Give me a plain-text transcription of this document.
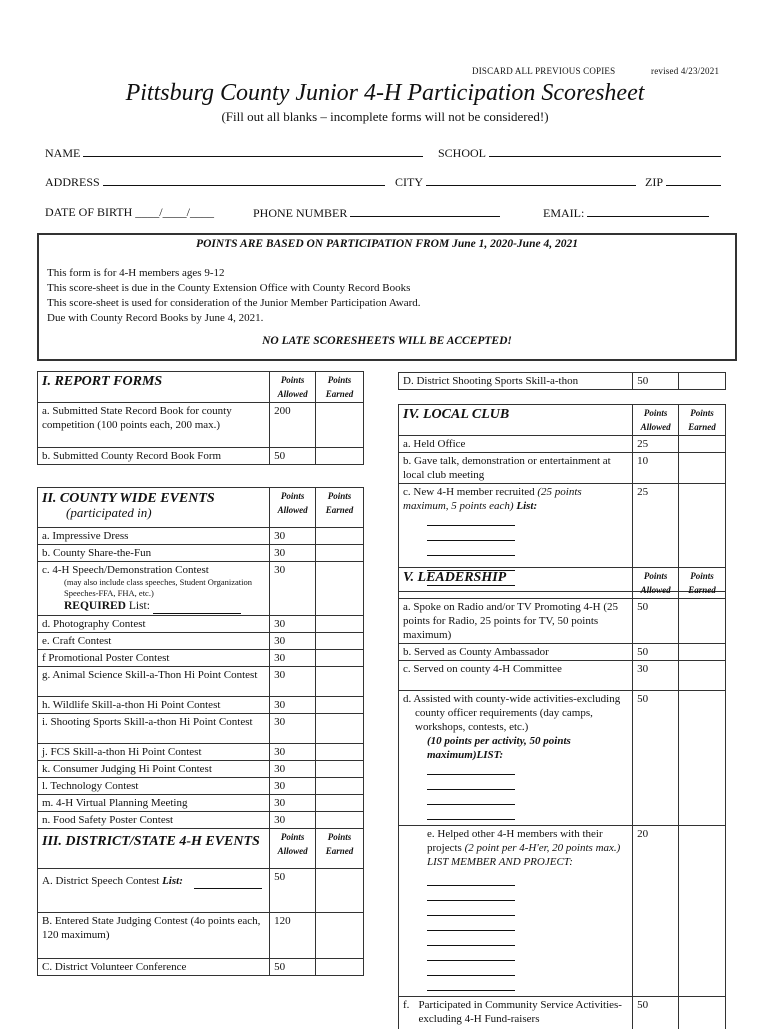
DISCARD ALL PREVIOUS COPIES	revised 4/23/2021
Pittsburg County Junior 4-H Participation Scoresheet
(Fill out all blanks – incomplete forms will not be considered!)
NAME	SCHOOL
ADDRESS	CITY	ZIP
DATE OF BIRTH ____/____/____	PHONE NUMBER	EMAIL:
POINTS ARE BASED ON PARTICIPATION FROM June 1, 2020-June 4, 2021
This form is for 4-H members ages 9-12
This score-sheet is due in the County Extension Office with County Record Books
This score-sheet is used for consideration of the Junior Member Participation Award.
Due with County Record Books by June 4, 2021.
NO LATE SCORESHEETS WILL BE ACCEPTED!
I. REPORT FORMS	Points Allowed	Points Earned
a. Submitted State Record Book for county competition (100 points each, 200 max.)	200	
b. Submitted County Record Book Form	50	
II. COUNTY WIDE EVENTS
(participated in)	Points Allowed	Points Earned
a. Impressive Dress	30	
b. County Share-the-Fun	30	

c. 4-H Speech/Demonstration Contest
(may also include class speeches, Student Organization Speeches-FFA, FHA, etc.)
REQUIRED List:	30	
d. Photography Contest	30	
e. Craft Contest	30	
f Promotional Poster Contest	30	
g. Animal Science Skill-a-Thon Hi Point Contest	30	
h. Wildlife Skill-a-thon Hi Point Contest	30	
i. Shooting Sports Skill-a-thon Hi Point Contest	30	
j. FCS Skill-a-thon Hi Point Contest	30	
k. Consumer Judging Hi Point Contest	30	
l. Technology Contest	30	
m. 4-H Virtual Planning Meeting	30	
n. Food Safety Poster Contest	30	
III. DISTRICT/STATE 4-H EVENTS	Points Allowed	Points Earned
A. District Speech Contest List:	50	
B. Entered State Judging Contest (4o points each, 120 maximum)	120	
C. District Volunteer Conference	50	
D. District Shooting Sports Skill-a-thon	50	
IV. LOCAL CLUB	Points Allowed	Points Earned
a. Held Office	25	
b. Gave talk, demonstration or entertainment at local club meeting	10	
c. New 4-H member recruited (25 points maximum, 5 points each) List:	25	
V. LEADERSHIP	Points Allowed	Points Earned
a. Spoke on Radio and/or TV Promoting 4-H (25 points for Radio, 25 points for TV, 50 points maximum)	50	
b. Served as County Ambassador	50	
c. Served on county 4-H Committee	30	

d. Assisted with county-wide activities-excluding county officer requirements (day camps, workshops, contests, etc.)
(10 points per activity, 50 points maximum)LIST:	50	

e. Helped other 4-H members with their projects (2 point per 4-H'er, 20 points max.) LIST MEMBER AND PROJECT:	20	

f. Participated in Community Service Activities-excluding 4-H Fund-raisers	50	
